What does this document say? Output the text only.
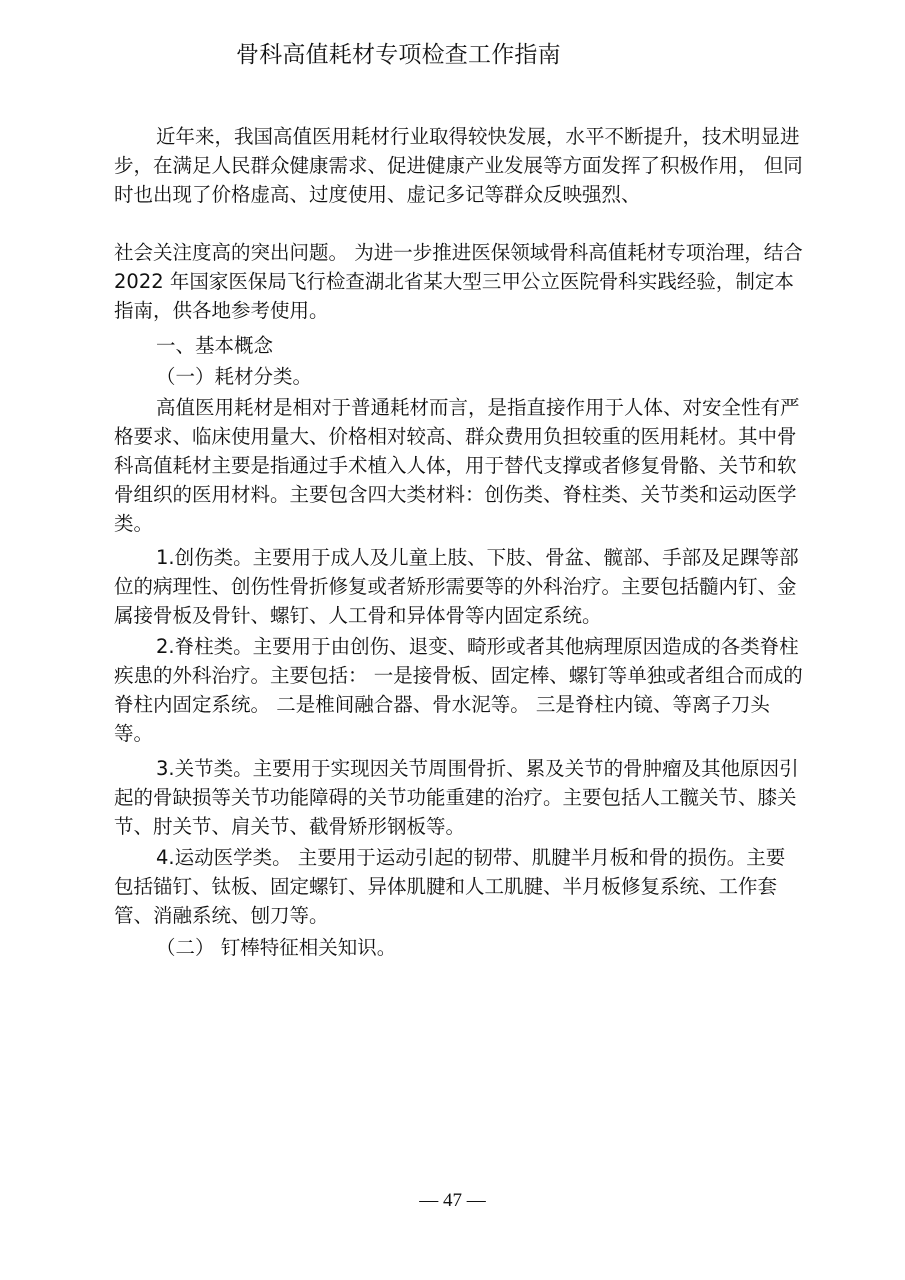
骨科高值耗材专项检查工作指南

近年来，我国高值医用耗材行业取得较快发展，水平不断提升，技术明显进步，在满足人民群众健康需求、促进健康产业发展等方面发挥了积极作用， 但同时也出现了价格虚高、过度使用、虚记多记等群众反映强烈、

社会关注度高的突出问题。 为进一步推进医保领域骨科高值耗材专项治理，结合 2022 年国家医保局飞行检查湖北省某大型三甲公立医院骨科实践经验，制定本指南，供各地参考使用。

一、基本概念

（一）耗材分类。

高值医用耗材是相对于普通耗材而言，是指直接作用于人体、对安全性有严格要求、临床使用量大、价格相对较高、群众费用负担较重的医用耗材。其中骨科高值耗材主要是指通过手术植入人体，用于替代支撑或者修复骨骼、关节和软骨组织的医用材料。主要包含四大类材料：创伤类、脊柱类、关节类和运动医学类。

1.创伤类。主要用于成人及儿童上肢、下肢、骨盆、髋部、手部及足踝等部位的病理性、创伤性骨折修复或者矫形需要等的外科治疗。主要包括髓内钉、金属接骨板及骨针、螺钉、人工骨和异体骨等内固定系统。

2.脊柱类。主要用于由创伤、退变、畸形或者其他病理原因造成的各类脊柱疾患的外科治疗。主要包括： 一是接骨板、固定棒、螺钉等单独或者组合而成的脊柱内固定系统。 二是椎间融合器、骨水泥等。 三是脊柱内镜、等离子刀头等。

3.关节类。主要用于实现因关节周围骨折、累及关节的骨肿瘤及其他原因引起的骨缺损等关节功能障碍的关节功能重建的治疗。主要包括人工髋关节、膝关节、肘关节、肩关节、截骨矫形钢板等。

4.运动医学类。 主要用于运动引起的韧带、肌腱半月板和骨的损伤。主要包括锚钉、钛板、固定螺钉、异体肌腱和人工肌腱、半月板修复系统、工作套管、消融系统、刨刀等。

（二） 钉棒特征相关知识。

— 47 —
